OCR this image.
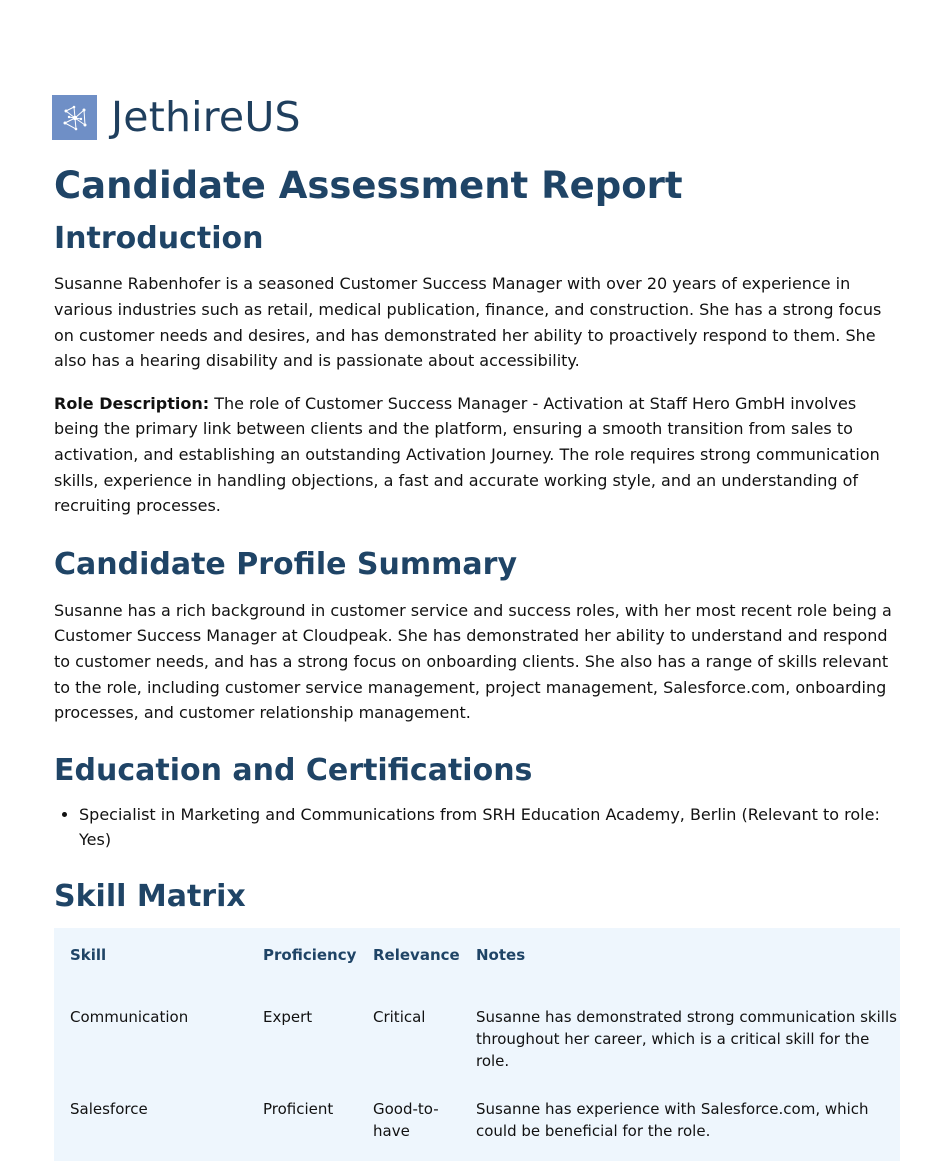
JethireUS
Candidate Assessment Report
Introduction

Susanne Rabenhofer is a seasoned Customer Success Manager with over 20 years of experience in various industries such as retail, medical publication, finance, and construction. She has a strong focus on customer needs and desires, and has demonstrated her ability to proactively respond to them. She also has a hearing disability and is passionate about accessibility.

Role Description: The role of Customer Success Manager - Activation at Staff Hero GmbH involves being the primary link between clients and the platform, ensuring a smooth transition from sales to activation, and establishing an outstanding Activation Journey. The role requires strong communication skills, experience in handling objections, a fast and accurate working style, and an understanding of recruiting processes.

Candidate Profile Summary

Susanne has a rich background in customer service and success roles, with her most recent role being a Customer Success Manager at Cloudpeak. She has demonstrated her ability to understand and respond to customer needs, and has a strong focus on onboarding clients. She also has a range of skills relevant to the role, including customer service management, project management, Salesforce.com, onboarding processes, and customer relationship management.

Education and Certifications
• Specialist in Marketing and Communications from SRH Education Academy, Berlin (Relevant to role: Yes)
Skill Matrix
Skill	Proficiency	Relevance	Notes
Communication	Expert	Critical	Susanne has demonstrated strong communication skills throughout her career, which is a critical skill for the role.
Salesforce	Proficient	Good-to-have	Susanne has experience with Salesforce.com, which could be beneficial for the role.
